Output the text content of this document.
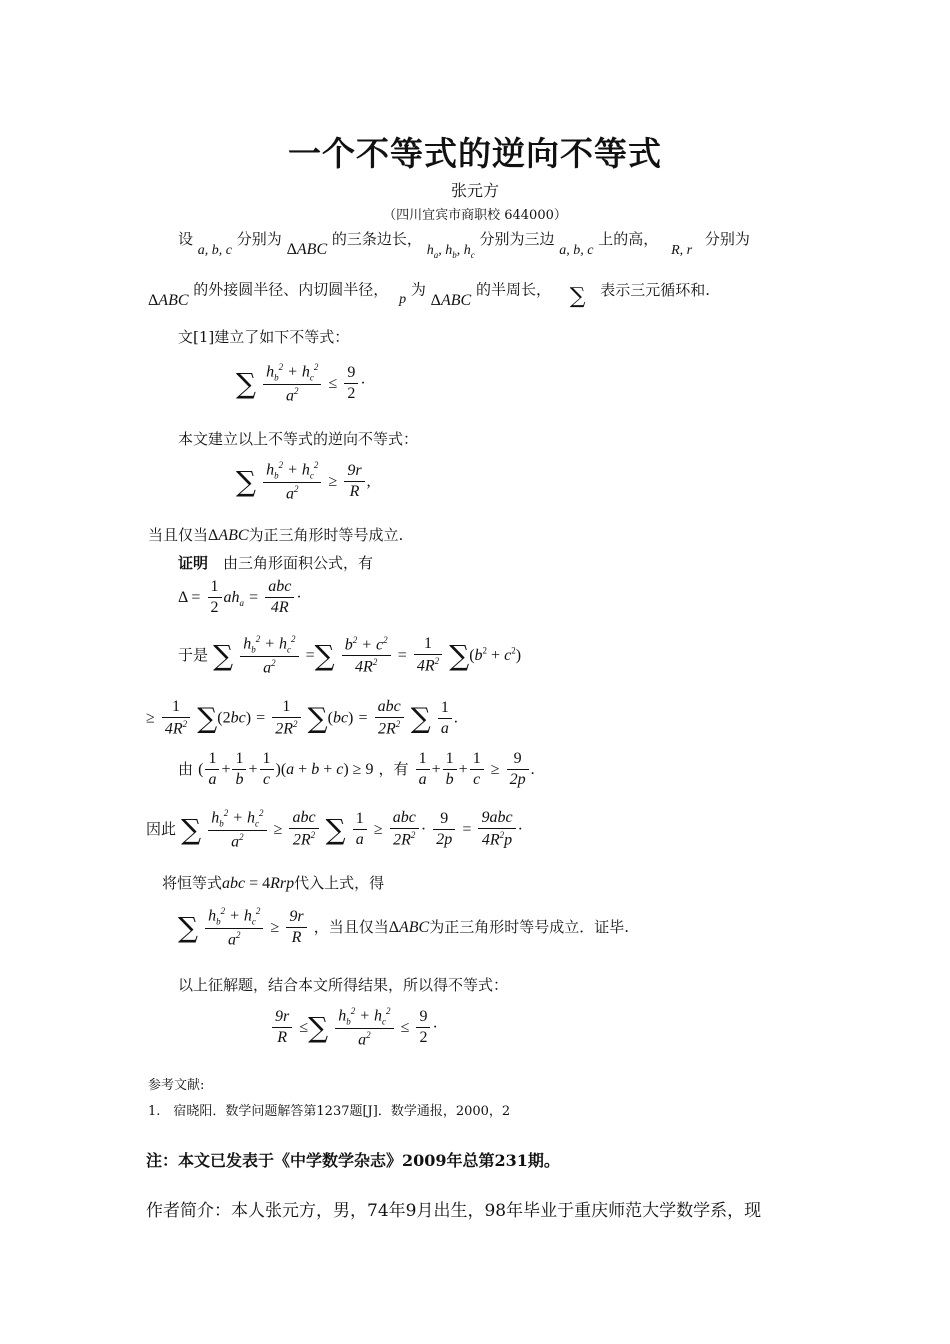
一个不等式的逆向不等式
张元方
（四川宜宾市商职校 644000）
设 a, b, c 分别为 ΔABC 的三条边长， $h_a$, $h_b$, $h_c$ 分别为三边 a, b, c 上的高， R, r 分别为
ΔABC 的外接圆半径、内切圆半径， p 为 ΔABC 的半周长， ∑ 表示三元循环和.
文[1]建立了如下不等式：
∑ $\frac{h_b^2 + h_c^2}{a^2} \le \frac{9}{2}$ ·
本文建立以上不等式的逆向不等式：
∑ $\frac{h_b^2 + h_c^2}{a^2} \ge \frac{9r}{R}$ ,
当且仅当ΔABC为正三角形时等号成立.
证明　 由三角形面积公式，有
$\Delta = \frac{1}{2} ah_a = \frac{\text{abc}}{4R}$ ·
于是 ∑ $\frac{h_b^2 + h_c^2}{a^2}$ =∑ $\frac{b^2 + c^2}{4R^2} = \frac{1}{4R^2} \sum(b^2 + c^2)$
≥ $\frac{1}{4R^2} \sum(2bc) = \frac{1}{2R^2} \sum(bc) = \frac{\text{abc}}{2R^2}$ ∑ $\frac{1}{a}$ .
由 ( $\frac{1}{a} + \frac{1}{b} + \frac{1}{c} )(a + b + c) \ge 9$ ，有 $\frac{1}{a} + \frac{1}{b} + \frac{1}{c} \ge \frac{9}{2p}$ .
因此 ∑ $\frac{h_b^2 + h_c^2}{a^2} \ge \frac{\text{abc}}{2R^2}$ ∑ $\frac{1}{a} \ge \frac{\text{abc}}{2R^2} \cdot \frac{9}{2p} = \frac{\text{9abc}}{4R^2p}$ ·
将恒等式abc = 4Rrp代入上式，得
∑ $\frac{h_b^2 + h_c^2}{a^2} \ge \frac{9r}{R}$ ，当且仅当ΔABC为正三角形时等号成立．证毕.
以上征解题，结合本文所得结果，所以得不等式：
$\frac{9r}{R}$ ≤∑ $\frac{h_b^2 + h_c^2}{a^2} \le \frac{9}{2}$ ·
参考文献:
1.　宿晓阳．数学问题解答第1237题[J]．数学通报，2000，2
注：本文已发表于《中学数学杂志》2009年总第231期。
作者简介：本人张元方，男，74年9月出生，98年毕业于重庆师范大学数学系，现
